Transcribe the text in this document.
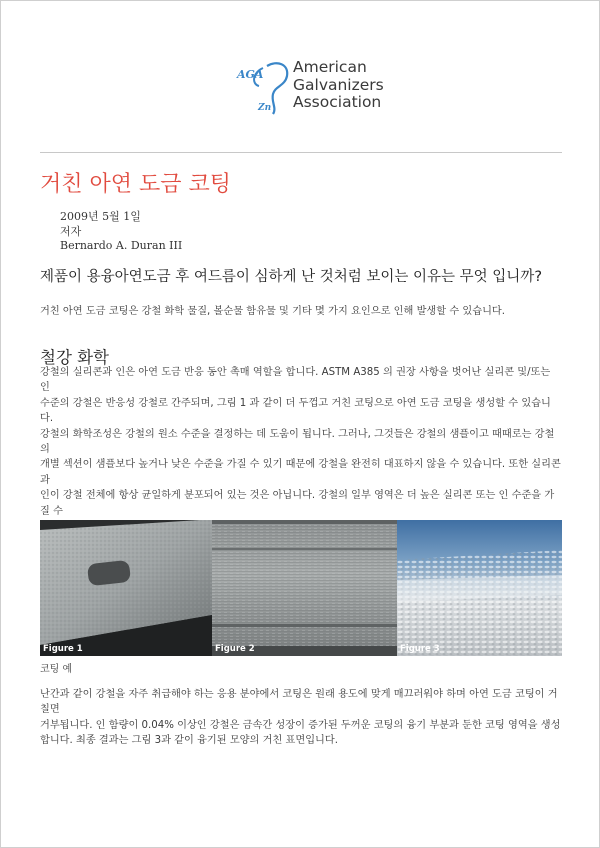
AGA
Zn
American
Galvanizers
Association
거친 아연 도금 코팅
2009년 5월 1일
저자
Bernardo A. Duran III
제품이 용융아연도금 후 여드름이 심하게 난 것처럼 보이는 이유는 무엇 입니까?
거친 아연 도금 코팅은 강철 화학 물질, 볼순물 함유물 및 기타 몇 가지 요인으로 인해 발생할 수 있습니다.
철강 화학
강철의 실리콘과 인은 아연 도금 반응 동안 촉매 역할을 합니다. ASTM A385 의 권장 사항을 벗어난 실리콘 및/또는 인
수준의 강철은 반응성 강철로 간주되며, 그림 1 과 같이 더 두껍고 거친 코팅으로 아연 도금 코팅을 생성할 수 있습니다.
강철의 화학조성은 강철의 원소 수준을 결정하는 데 도움이 됩니다. 그러나, 그것들은 강철의 샘플이고 때때로는 강철의
개별 섹션이 샘플보다 높거나 낮은 수준을 가질 수 있기 때문에 강철을 완전히 대표하지 않을 수 있습니다. 또한 실리콘과
인이 강철 전체에 항상 균일하게 분포되어 있는 것은 아닙니다. 강철의 일부 영역은 더 높은 실리콘 또는 인 수준을 가질 수
Figure 1	Figure 2	Figure 3
코팅 예
난간과 같이 강철을 자주 취급해야 하는 응용 분야에서 코팅은 원래 용도에 맞게 매끄러워야 하며 아연 도금 코팅이 거칠면
거부됩니다. 인 함량이 0.04% 이상인 강철은 금속간 성장이 증가된 두꺼운 코팅의 융기 부분과 둔한 코팅 영역을 생성
합니다. 최종 결과는 그림 3과 같이 융기된 모양의 거친 표면입니다.
